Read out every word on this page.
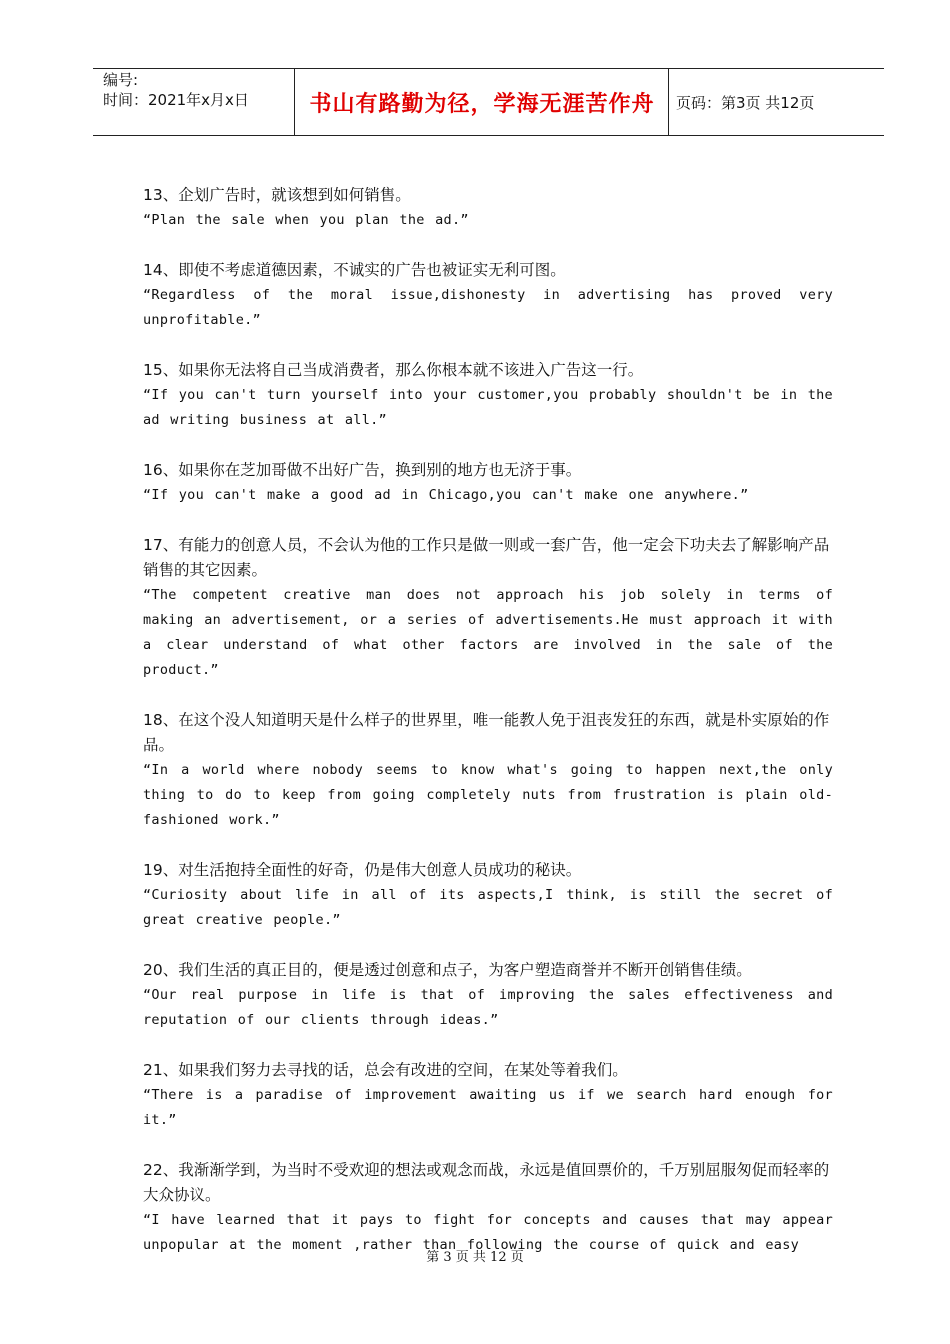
编号:
时间：2021年x月x日	书山有路勤为径，学海无涯苦作舟	页码：第3页 共12页
13、企划广告时，就该想到如何销售。
“Plan the sale when you plan the ad.”
14、即使不考虑道德因素，不诚实的广告也被证实无利可图。
“Regardless of the moral issue,dishonesty in advertising has proved very unprofitable.”
15、如果你无法将自己当成消费者，那么你根本就不该进入广告这一行。
“If you can't turn yourself into your customer,you probably shouldn't be in the ad writing business at all.”
16、如果你在芝加哥做不出好广告，换到别的地方也无济于事。
“If you can't make a good ad in Chicago,you can't make one anywhere.”
17、有能力的创意人员，不会认为他的工作只是做一则或一套广告，他一定会下功夫去了解影响产品销售的其它因素。
“The competent creative man does not approach his job solely in terms of making an advertisement, or a series of advertisements.He must approach it with a clear understand of what other factors are involved in the sale of the product.”
18、在这个没人知道明天是什么样子的世界里，唯一能教人免于沮丧发狂的东西，就是朴实原始的作品。
“In a world where nobody seems to know what's going to happen next,the only thing to do to keep from going completely nuts from frustration is plain old-fashioned work.”
19、对生活抱持全面性的好奇，仍是伟大创意人员成功的秘诀。
“Curiosity about life in all of its aspects,I think, is still the secret of great creative people.”
20、我们生活的真正目的，便是透过创意和点子，为客户塑造商誉并不断开创销售佳绩。
“Our real purpose in life is that of improving the sales effectiveness and reputation of our clients through ideas.”
21、如果我们努力去寻找的话，总会有改进的空间，在某处等着我们。
“There is a paradise of improvement awaiting us if we search hard enough for it.”
22、我渐渐学到，为当时不受欢迎的想法或观念而战，永远是值回票价的，千万别屈服匆促而轻率的大众协议。
“I have learned that it pays to fight for concepts and causes that may appear unpopular at the moment ,rather than following the course of quick and easy
第 3 页 共 12 页
